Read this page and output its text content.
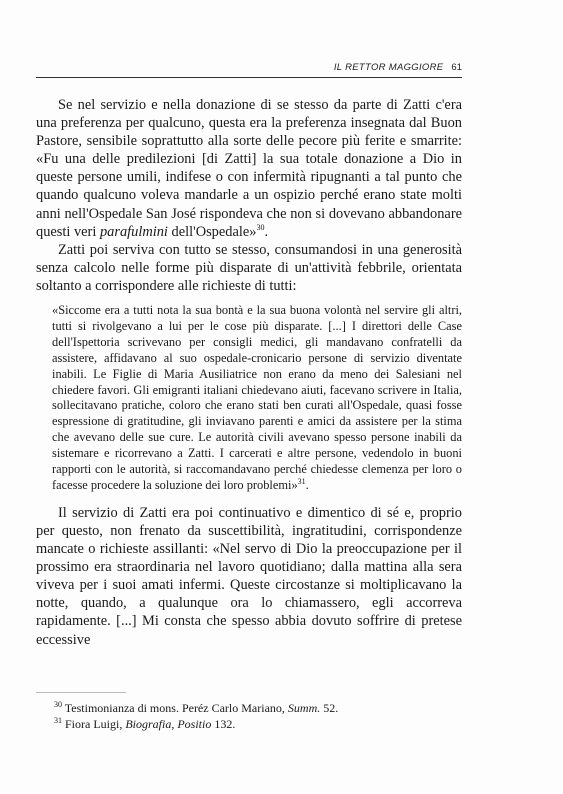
IL RETTOR MAGGIORE 61

Se nel servizio e nella donazione di se stesso da parte di Zatti c'era una preferenza per qualcuno, questa era la preferenza insegnata dal Buon Pastore, sensibile soprattutto alla sorte delle pecore più ferite e smarrite: «Fu una delle predilezioni [di Zatti] la sua totale donazione a Dio in queste persone umili, indifese o con infermità ripugnanti a tal punto che quando qualcuno voleva mandarle a un ospizio perché erano state molti anni nell'Ospedale San José rispondeva che non si dovevano abbandonare questi veri parafulmini dell'Ospedale»$^{30}$.

Zatti poi serviva con tutto se stesso, consumandosi in una generosità senza calcolo nelle forme più disparate di un'attività febbrile, orientata soltanto a corrispondere alle richieste di tutti:

«Siccome era a tutti nota la sua bontà e la sua buona volontà nel servire gli altri, tutti si rivolgevano a lui per le cose più disparate. [...] I direttori delle Case dell'Ispettoria scrivevano per consigli medici, gli mandavano confratelli da assistere, affidavano al suo ospedale-cronicario persone di servizio diventate inabili. Le Figlie di Maria Ausiliatrice non erano da meno dei Salesiani nel chiedere favori. Gli emigranti italiani chiedevano aiuti, facevano scrivere in Italia, sollecitavano pratiche, coloro che erano stati ben curati all'Ospedale, quasi fosse espressione di gratitudine, gli inviavano parenti e amici da assistere per la stima che avevano delle sue cure. Le autorità civili avevano spesso persone inabili da sistemare e ricorrevano a Zatti. I carcerati e altre persone, vedendolo in buoni rapporti con le autorità, si raccomandavano perché chiedesse clemenza per loro o facesse procedere la soluzione dei loro problemi»$^{31}$.

Il servizio di Zatti era poi continuativo e dimentico di sé e, proprio per questo, non frenato da suscettibilità, ingratitudini, corrispondenze mancate o richieste assillanti: «Nel servo di Dio la preoccupazione per il prossimo era straordinaria nel lavoro quotidiano; dalla mattina alla sera viveva per i suoi amati infermi. Queste circostanze si moltiplicavano la notte, quando, a qualunque ora lo chiamassero, egli accorreva rapidamente. [...] Mi consta che spesso abbia dovuto soffrire di pretese eccessive

$^{30}$ Testimonianza di mons. Peréz Carlo Mariano, Summ. 52.
$^{31}$ Fiora Luigi, Biografia, Positio 132.
